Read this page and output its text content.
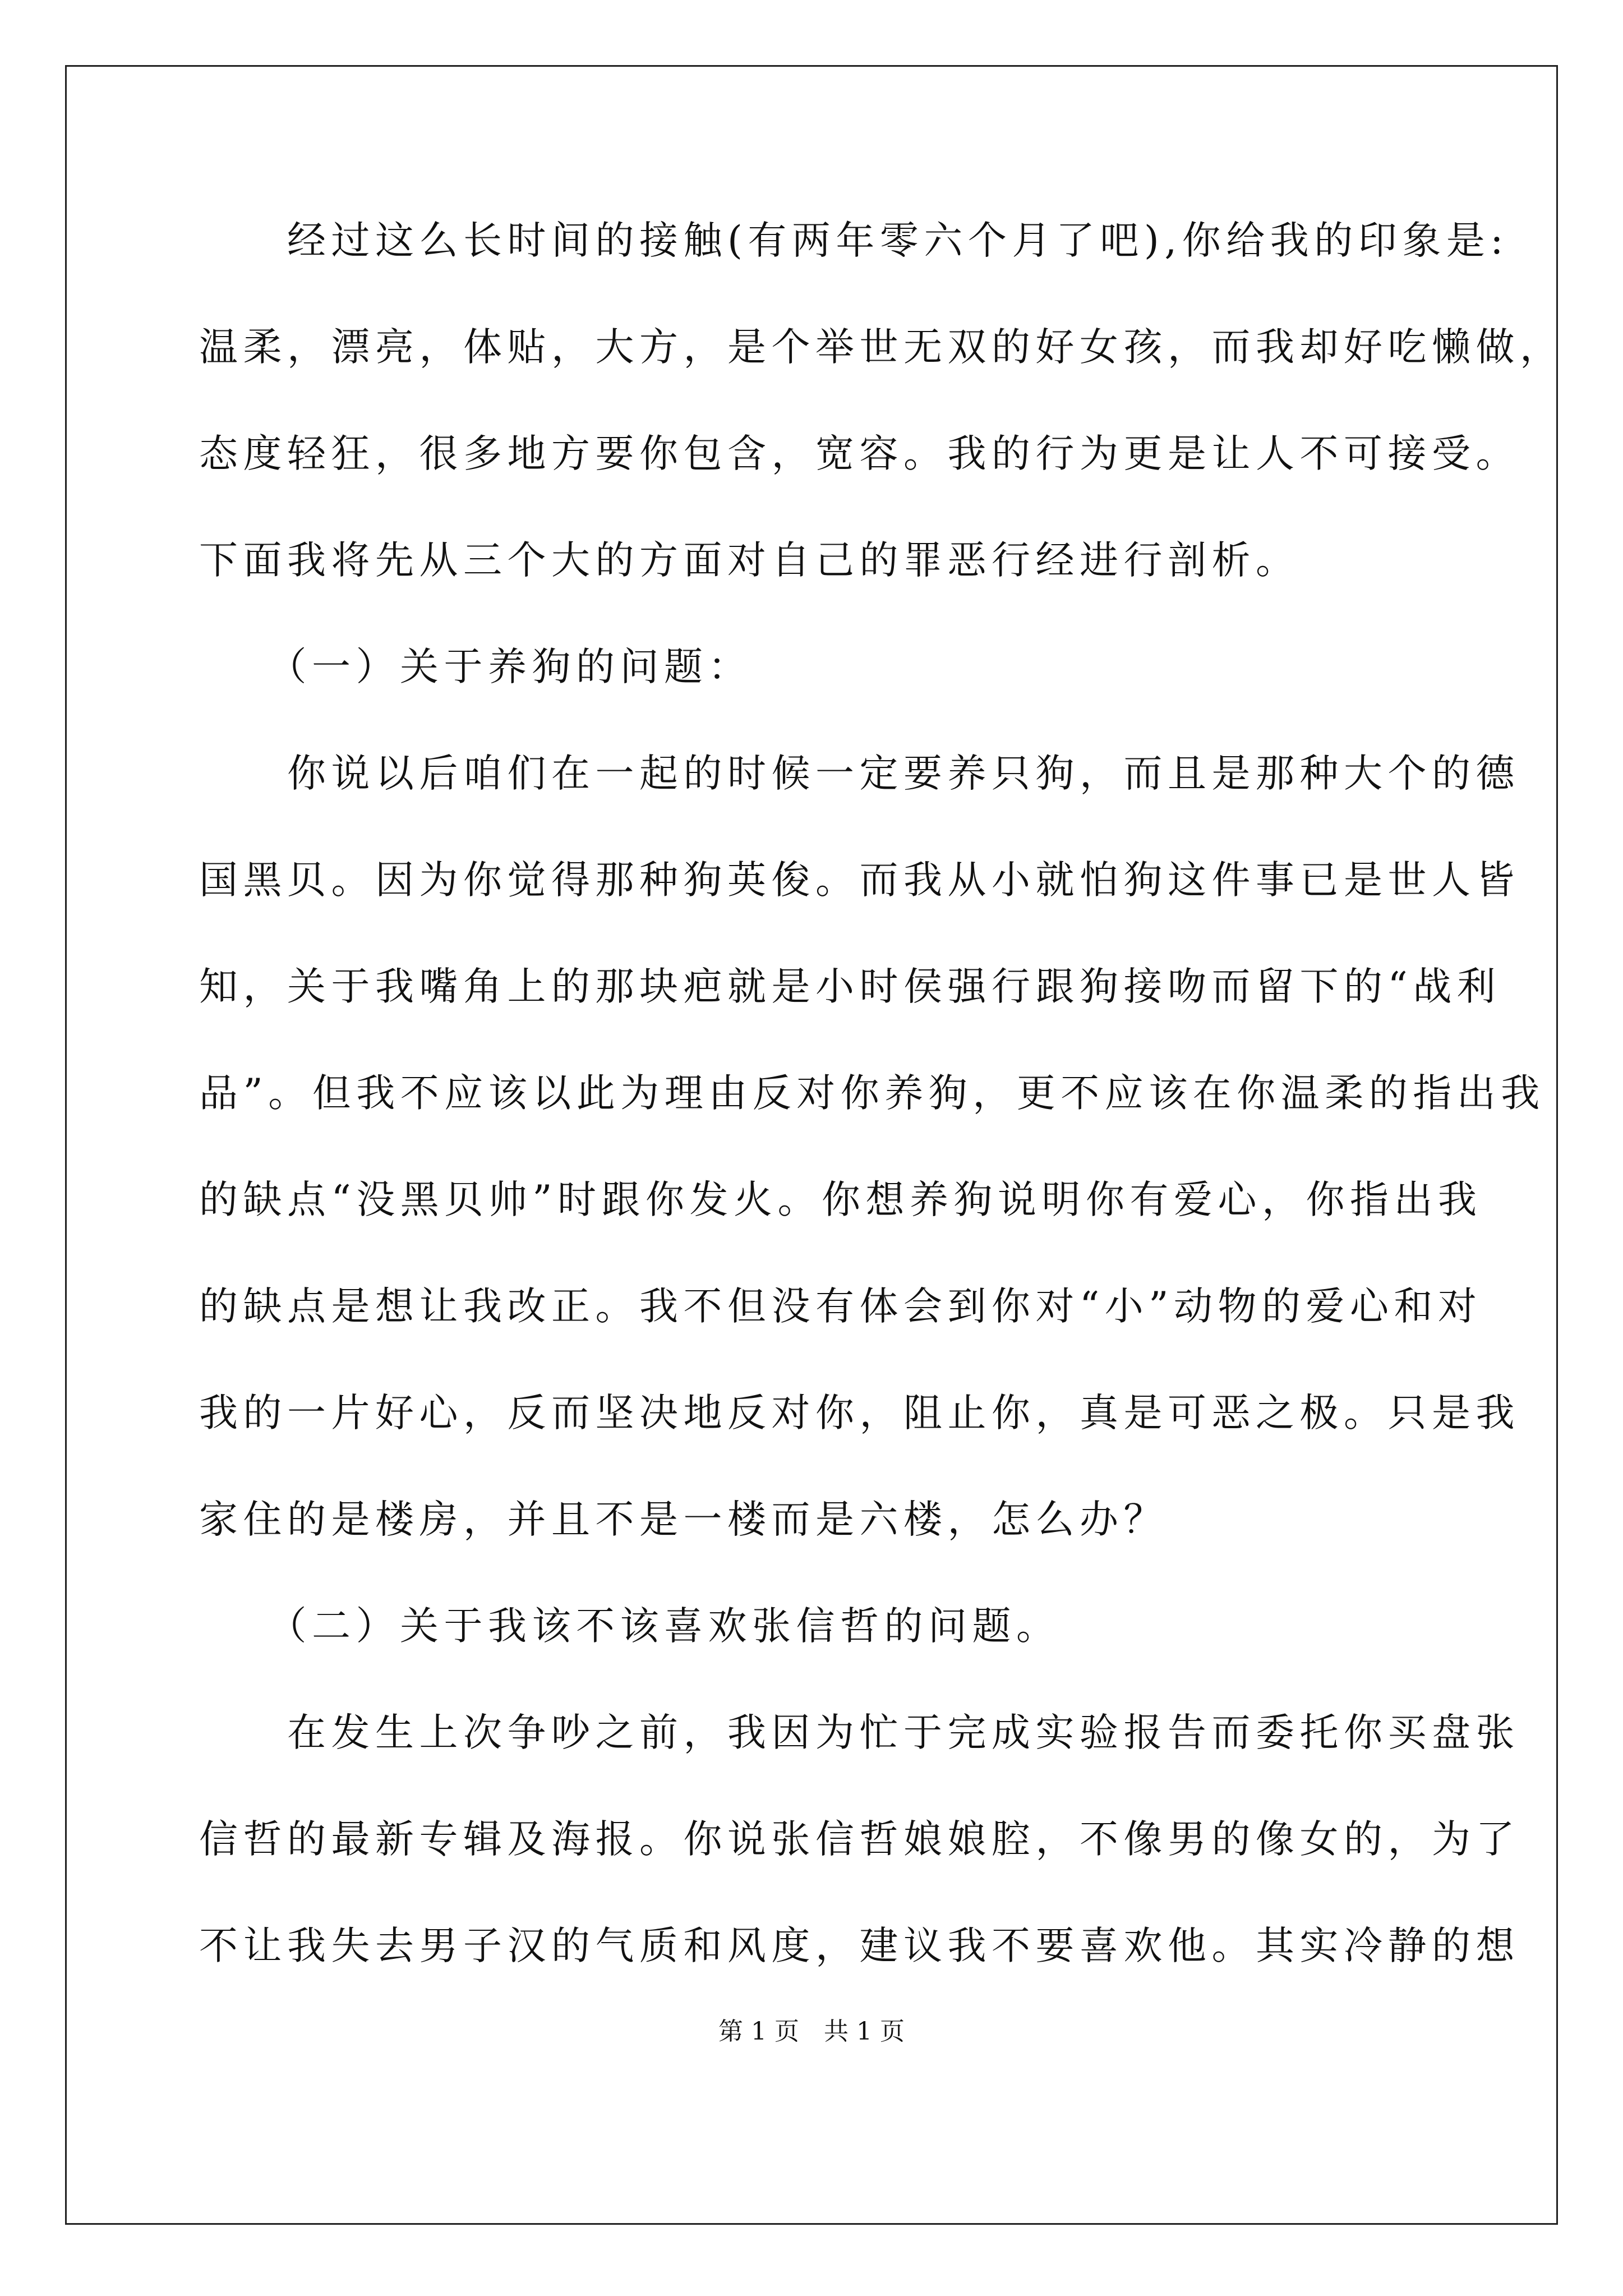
　　经过这么长时间的接触(有两年零六个月了吧),你给我的印象是:
温柔，漂亮，体贴，大方，是个举世无双的好女孩，而我却好吃懒做，
态度轻狂，很多地方要你包含，宽容。我的行为更是让人不可接受。
下面我将先从三个大的方面对自己的罪恶行经进行剖析。
　　（一）关于养狗的问题：
　　你说以后咱们在一起的时候一定要养只狗，而且是那种大个的德
国黑贝。因为你觉得那种狗英俊。而我从小就怕狗这件事已是世人皆
知，关于我嘴角上的那块疤就是小时侯强行跟狗接吻而留下的“战利
品”。但我不应该以此为理由反对你养狗，更不应该在你温柔的指出我
的缺点“没黑贝帅”时跟你发火。你想养狗说明你有爱心，你指出我
的缺点是想让我改正。我不但没有体会到你对“小”动物的爱心和对
我的一片好心，反而坚决地反对你，阻止你，真是可恶之极。只是我
家住的是楼房，并且不是一楼而是六楼，怎么办？
　　（二）关于我该不该喜欢张信哲的问题。
　　在发生上次争吵之前，我因为忙于完成实验报告而委托你买盘张
信哲的最新专辑及海报。你说张信哲娘娘腔，不像男的像女的，为了
不让我失去男子汉的气质和风度，建议我不要喜欢他。其实冷静的想
第 1 页　共 1 页
